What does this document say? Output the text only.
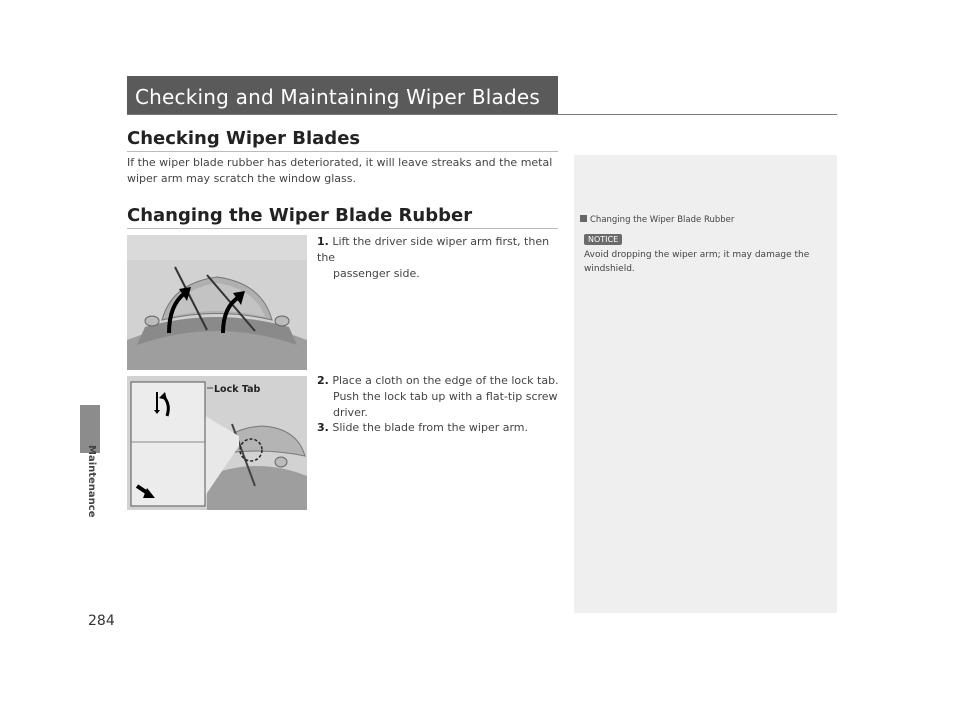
Maintenance
284
Checking and Maintaining Wiper Blades
Checking Wiper Blades
If the wiper blade rubber has deteriorated, it will leave streaks and the metal wiper arm may scratch the window glass.
Changing the Wiper Blade Rubber
1. Lift the driver side wiper arm first, then the
passenger side.
2. Place a cloth on the edge of the lock tab.
Push the lock tab up with a flat-tip screw
driver.
3. Slide the blade from the wiper arm.
Lock Tab
Changing the Wiper Blade Rubber
NOTICE
Avoid dropping the wiper arm; it may damage the
windshield.
